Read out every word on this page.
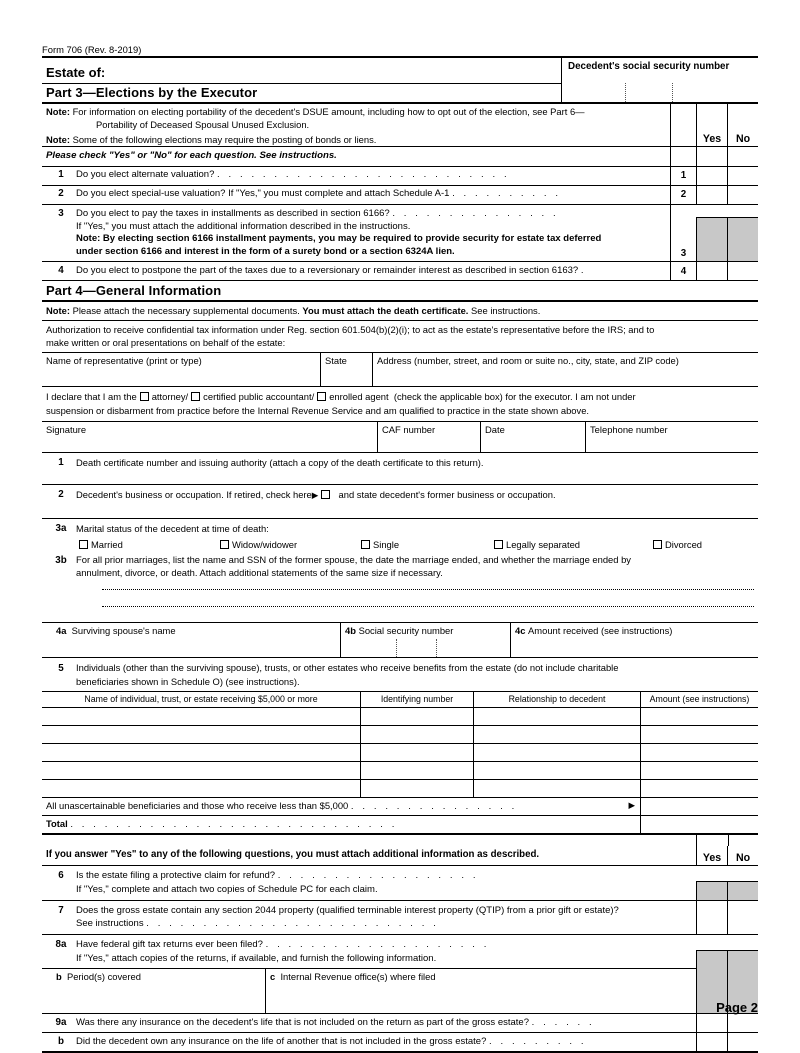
Form 706 (Rev. 8-2019)
Estate of:	Decedent's social security number
Part 3—Elections by the Executor
Note: For information on electing portability of the decedent's DSUE amount, including how to opt out of the election, see Part 6—
Portability of Deceased Spousal Unused Exclusion.
Note: Some of the following elections may require the posting of bonds or liens.	Yes	No
Please check "Yes" or "No" for each question. See instructions.
1 Do you elect alternate valuation? . . . . . . . . . . . . . . . . . . . . . . . . . .	1
2 Do you elect special-use valuation? If "Yes," you must complete and attach Schedule A-1 . . . . . . . . . .	2
3 Do you elect to pay the taxes in installments as described in section 6166? . . . . . . . . . . . . . . .
If "Yes," you must attach the additional information described in the instructions.
Note: By electing section 6166 installment payments, you may be required to provide security for estate tax deferred
under section 6166 and interest in the form of a surety bond or a section 6324A lien.	3
4 Do you elect to postpone the part of the taxes due to a reversionary or remainder interest as described in section 6163? .	4
Part 4—General Information
Note: Please attach the necessary supplemental documents. You must attach the death certificate. See instructions.
Authorization to receive confidential tax information under Reg. section 601.504(b)(2)(i); to act as the estate's representative before the IRS; and to
make written or oral presentations on behalf of the estate:
Name of representative (print or type)	State	Address (number, street, and room or suite no., city, state, and ZIP code)
I declare that I am the attorney/ certified public accountant/ enrolled agent (check the applicable box) for the executor. I am not under
suspension or disbarment from practice before the Internal Revenue Service and am qualified to practice in the state shown above.
Signature	CAF number	Date	Telephone number
1 Death certificate number and issuing authority (attach a copy of the death certificate to this return).
2 Decedent's business or occupation. If retired, check here▶ and state decedent's former business or occupation.
3a Marital status of the decedent at time of death:
Married	Widow/widower	Single	Legally separated	Divorced
3b For all prior marriages, list the name and SSN of the former spouse, the date the marriage ended, and whether the marriage ended by
annulment, divorce, or death. Attach additional statements of the same size if necessary.
4a Surviving spouse's name	4b Social security number	4c Amount received (see instructions)
5 Individuals (other than the surviving spouse), trusts, or other estates who receive benefits from the estate (do not include charitable
beneficiaries shown in Schedule O) (see instructions).
Name of individual, trust, or estate receiving $5,000 or more	Identifying number	Relationship to decedent	Amount (see instructions)
All unascertainable beneficiaries and those who receive less than $5,000 . . . . . . . . . . . . . . .	▶
Total . . . . . . . . . . . . . . . . . . . . . . . . . . . . .
If you answer "Yes" to any of the following questions, you must attach additional information as described.	Yes	No
6 Is the estate filing a protective claim for refund? . . . . . . . . . . . . . . . . . .
If "Yes," complete and attach two copies of Schedule PC for each claim.
7 Does the gross estate contain any section 2044 property (qualified terminable interest property (QTIP) from a prior gift or estate)?
See instructions . . . . . . . . . . . . . . . . . . . . . . . . . .
8a Have federal gift tax returns ever been filed? . . . . . . . . . . . . . . . . . . . .
If "Yes," attach copies of the returns, if available, and furnish the following information.
b Period(s) covered	c Internal Revenue office(s) where filed
9a Was there any insurance on the decedent's life that is not included on the return as part of the gross estate? . . . . . .
b Did the decedent own any insurance on the life of another that is not included in the gross estate? . . . . . . . . .
Page 2
